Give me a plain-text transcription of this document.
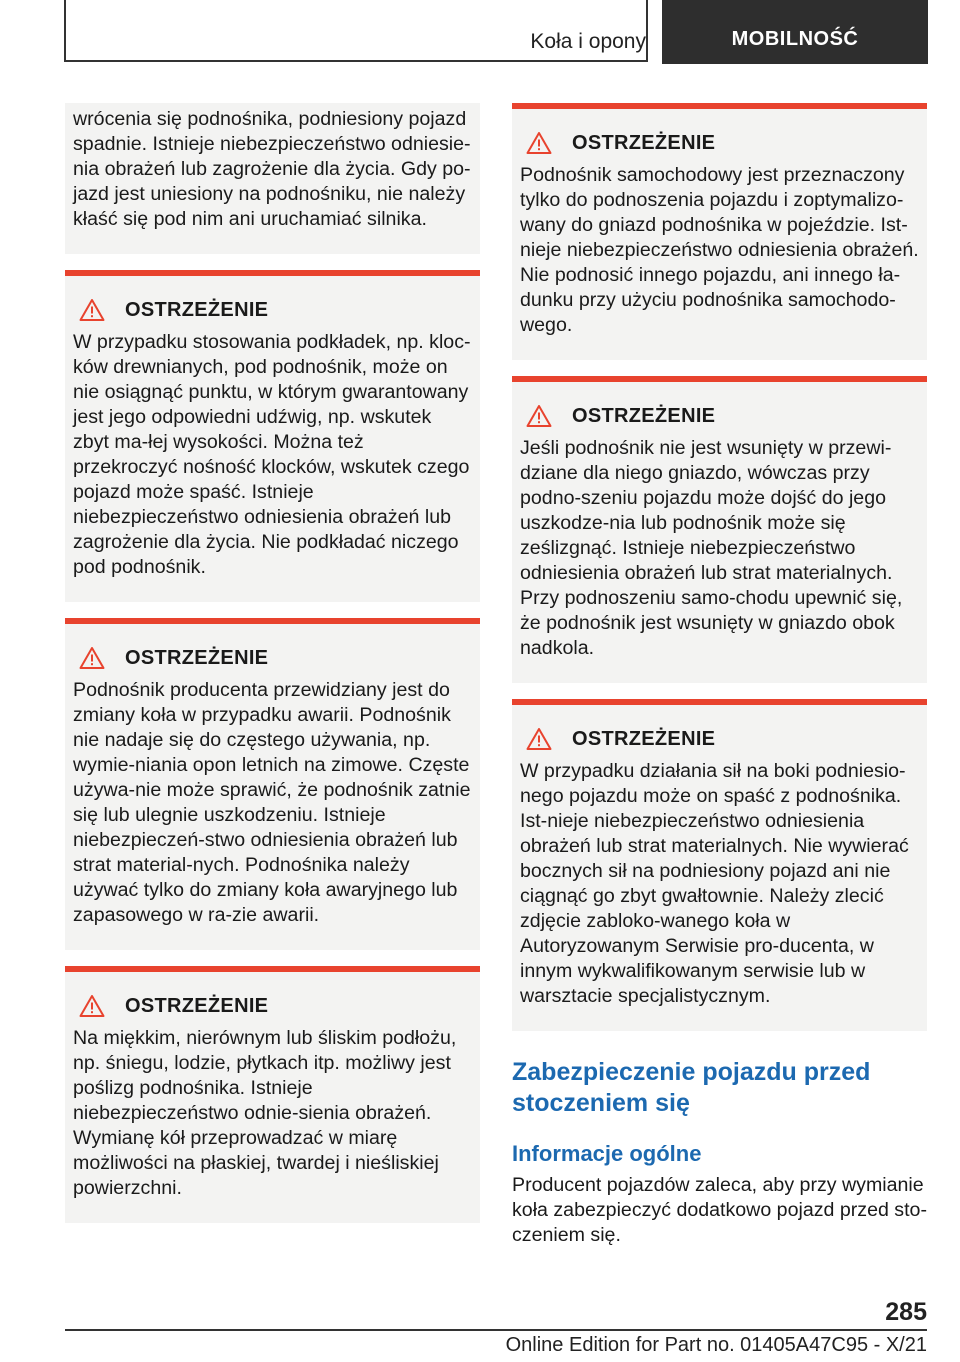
Koła i opony	MOBILNOŚĆ

wrócenia się podnośnika, podniesiony pojazd spadnie. Istnieje niebezpieczeństwo odniesie-nia obrażeń lub zagrożenie dla życia. Gdy po-jazd jest uniesiony na podnośniku, nie należy kłaść się pod nim ani uruchamiać silnika.

OSTRZEŻENIE

W przypadku stosowania podkładek, np. kloc-ków drewnianych, pod podnośnik, może on nie osiągnąć punktu, w którym gwarantowany jest jego odpowiedni udźwig, np. wskutek zbyt ma-łej wysokości. Można też przekroczyć nośność klocków, wskutek czego pojazd może spaść. Istnieje niebezpieczeństwo odniesienia obrażeń lub zagrożenie dla życia. Nie podkładać niczego pod podnośnik.

OSTRZEŻENIE

Podnośnik producenta przewidziany jest do zmiany koła w przypadku awarii. Podnośnik nie nadaje się do częstego używania, np. wymie-niania opon letnich na zimowe. Częste używa-nie może sprawić, że podnośnik zatnie się lub ulegnie uszkodzeniu. Istnieje niebezpieczeń-stwo odniesienia obrażeń lub strat material-nych. Podnośnika należy używać tylko do zmiany koła awaryjnego lub zapasowego w ra-zie awarii.

OSTRZEŻENIE

Na miękkim, nierównym lub śliskim podłożu, np. śniegu, lodzie, płytkach itp. możliwy jest poślizg podnośnika. Istnieje niebezpieczeństwo odnie-sienia obrażeń. Wymianę kół przeprowadzać w miarę możliwości na płaskiej, twardej i nieśliskiej powierzchni.

OSTRZEŻENIE

Podnośnik samochodowy jest przeznaczony tylko do podnoszenia pojazdu i zoptymalizo-wany do gniazd podnośnika w pojeździe. Ist-nieje niebezpieczeństwo odniesienia obrażeń. Nie podnosić innego pojazdu, ani innego ła-dunku przy użyciu podnośnika samochodo-wego.

OSTRZEŻENIE

Jeśli podnośnik nie jest wsunięty w przewi-dziane dla niego gniazdo, wówczas przy podno-szeniu pojazdu może dojść do jego uszkodze-nia lub podnośnik może się ześlizgnąć. Istnieje niebezpieczeństwo odniesienia obrażeń lub strat materialnych. Przy podnoszeniu samo-chodu upewnić się, że podnośnik jest wsunięty w gniazdo obok nadkola.

OSTRZEŻENIE

W przypadku działania sił na boki podniesio-nego pojazdu może on spaść z podnośnika. Ist-nieje niebezpieczeństwo odniesienia obrażeń lub strat materialnych. Nie wywierać bocznych sił na podniesiony pojazd ani nie ciągnąć go zbyt gwałtownie. Należy zlecić zdjęcie zabloko-wanego koła w Autoryzowanym Serwisie pro-ducenta, w innym wykwalifikowanym serwisie lub w warsztacie specjalistycznym.

Zabezpieczenie pojazdu przed stoczeniem się
Informacje ogólne

Producent pojazdów zaleca, aby przy wymianie koła zabezpieczyć dodatkowo pojazd przed sto-czeniem się.

285
Online Edition for Part no. 01405A47C95 - X/21
